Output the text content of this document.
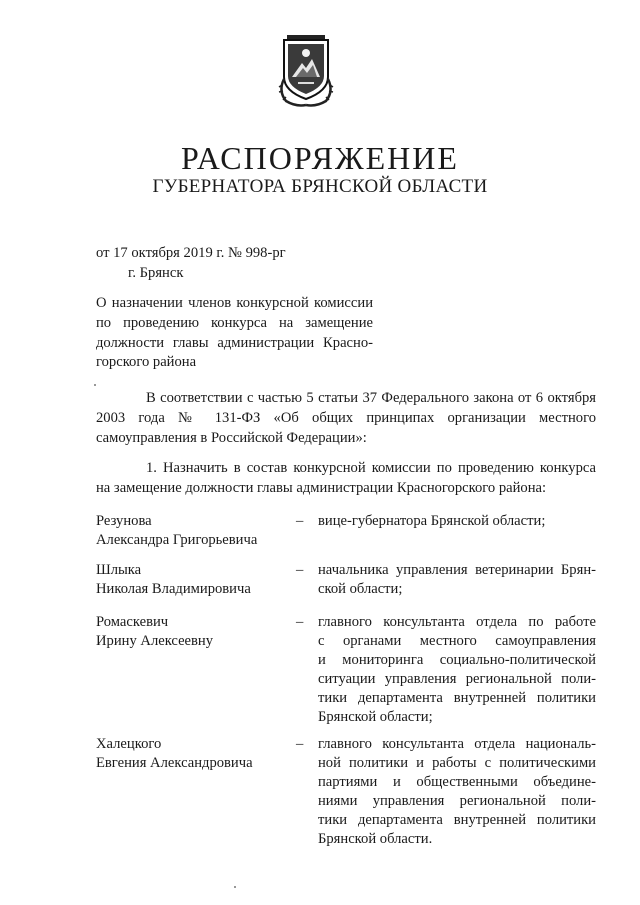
РАСПОРЯЖЕНИЕ
ГУБЕРНАТОРА БРЯНСКОЙ ОБЛАСТИ
от 17 октября 2019 г. № 998-рг
г. Брянск
О назначении членов конкурсной комиссии
по проведению конкурса на замещение
должности главы администрации Красно-
горского района
В соответствии с частью 5 статьи 37 Федерального закона от 6 октября
2003 года № 131-ФЗ «Об общих принципах организации местного
самоуправления в Российской Федерации»:
1. Назначить в состав конкурсной комиссии по проведению конкурса
на замещение должности главы администрации Красногорского района:
Резунова
Александра Григорьевича
– вице-губернатора Брянской области;
Шлыка
Николая Владимировича
– начальника управления ветеринарии Брян-
ской области;
Ромаскевич
Ирину Алексеевну
– главного консультанта отдела по работе
с органами местного самоуправления
и мониторинга социально-политической
ситуации управления региональной поли-
тики департамента внутренней политики
Брянской области;
Халецкого
Евгения Александровича
– главного консультанта отдела националь-
ной политики и работы с политическими
партиями и общественными объедине-
ниями управления региональной поли-
тики департамента внутренней политики
Брянской области.
